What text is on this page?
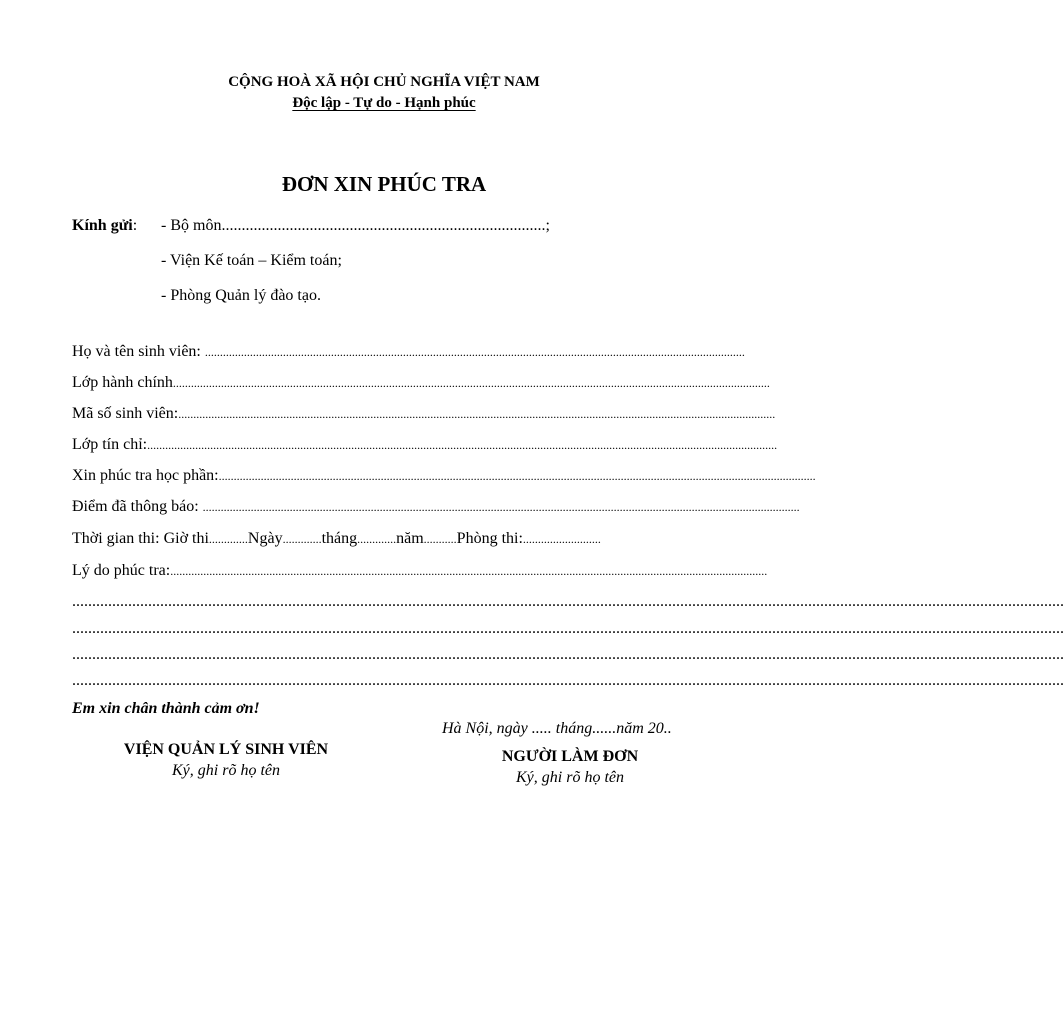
CỘNG HOÀ XÃ HỘI CHỦ NGHĨA VIỆT NAM
Độc lập - Tự do - Hạnh phúc
ĐƠN XIN PHÚC TRA
Kính gửi: - Bộ môn.................................................................................;
- Viện Kế toán – Kiểm toán;
- Phòng Quản lý đào tạo.
Họ và tên sinh viên: ....................................................................................................................................................................................
Lớp hành chính.......................................................................................................................................................................................................
Mã số sinh viên:.......................................................................................................................................................................................................
Lớp tín chỉ:..................................................................................................................................................................................................................
Xin phúc tra học phần:.......................................................................................................................................................................................................
Điểm đã thông báo: .......................................................................................................................................................................................................
Thời gian thi: Giờ thi.............Ngày.............tháng.............năm...........Phòng thi:..........................
Lý do phúc tra:.......................................................................................................................................................................................................
........................................................................................................................................................................................................................................................
........................................................................................................................................................................................................................................................
........................................................................................................................................................................................................................................................
........................................................................................................................................................................................................................................................
Em xin chân thành cảm ơn!
Hà Nội, ngày ..... tháng......năm 20..
VIỆN QUẢN LÝ SINH VIÊN
Ký, ghi rõ họ tên
NGƯỜI LÀM ĐƠN
Ký, ghi rõ họ tên
